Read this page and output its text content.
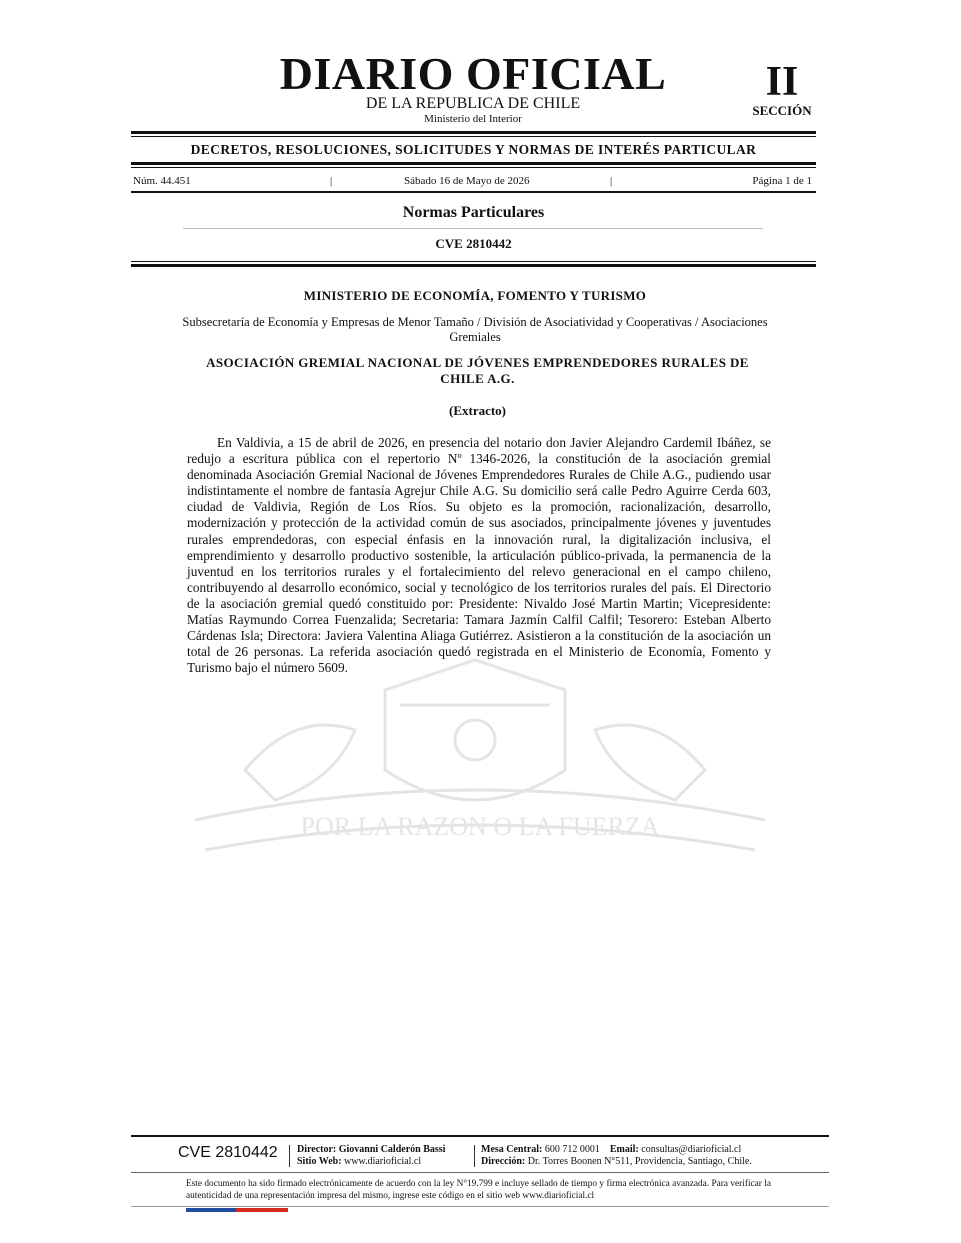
DIARIO OFICIAL
DE LA REPUBLICA DE CHILE
Ministerio del Interior
II
SECCIÓN
DECRETOS, RESOLUCIONES, SOLICITUDES Y NORMAS DE INTERÉS PARTICULAR
Núm. 44.451	|	Sábado 16 de Mayo de 2026	|	Página 1 de 1
Normas Particulares
CVE 2810442
POR LA RAZON O LA FUERZA
MINISTERIO DE ECONOMÍA, FOMENTO Y TURISMO
Subsecretaría de Economía y Empresas de Menor Tamaño / División de Asociatividad y Cooperativas / Asociaciones Gremiales
ASOCIACIÓN GREMIAL NACIONAL DE JÓVENES EMPRENDEDORES RURALES DE CHILE A.G.
(Extracto)
En Valdivia, a 15 de abril de 2026, en presencia del notario don Javier Alejandro Cardemil Ibáñez, se redujo a escritura pública con el repertorio Nº 1346-2026, la constitución de la asociación gremial denominada Asociación Gremial Nacional de Jóvenes Emprendedores Rurales de Chile A.G., pudiendo usar indistintamente el nombre de fantasía Agrejur Chile A.G. Su domicilio será calle Pedro Aguirre Cerda 603, ciudad de Valdivia, Región de Los Ríos. Su objeto es la promoción, racionalización, desarrollo, modernización y protección de la actividad común de sus asociados, principalmente jóvenes y juventudes rurales emprendedoras, con especial énfasis en la innovación rural, la digitalización inclusiva, el emprendimiento y desarrollo productivo sostenible, la articulación público-privada, la permanencia de la juventud en los territorios rurales y el fortalecimiento del relevo generacional en el campo chileno, contribuyendo al desarrollo económico, social y tecnológico de los territorios rurales del país. El Directorio de la asociación gremial quedó constituido por: Presidente: Nivaldo José Martin Martin; Vicepresidente: Matías Raymundo Correa Fuenzalida; Secretaria: Tamara Jazmín Calfil Calfil; Tesorero: Esteban Alberto Cárdenas Isla; Directora: Javiera Valentina Aliaga Gutiérrez. Asistieron a la constitución de la asociación un total de 26 personas. La referida asociación quedó registrada en el Ministerio de Economía, Fomento y Turismo bajo el número 5609.
CVE 2810442 Director: Giovanni Calderón Bassi
Sitio Web: www.diarioficial.cl
Mesa Central: 600 712 0001 Email: consultas@diarioficial.cl
Dirección: Dr. Torres Boonen N°511, Providencia, Santiago, Chile.
Este documento ha sido firmado electrónicamente de acuerdo con la ley N°19.799 e incluye sellado de tiempo y firma electrónica avanzada. Para verificar la autenticidad de una representación impresa del mismo, ingrese este código en el sitio web www.diarioficial.cl
